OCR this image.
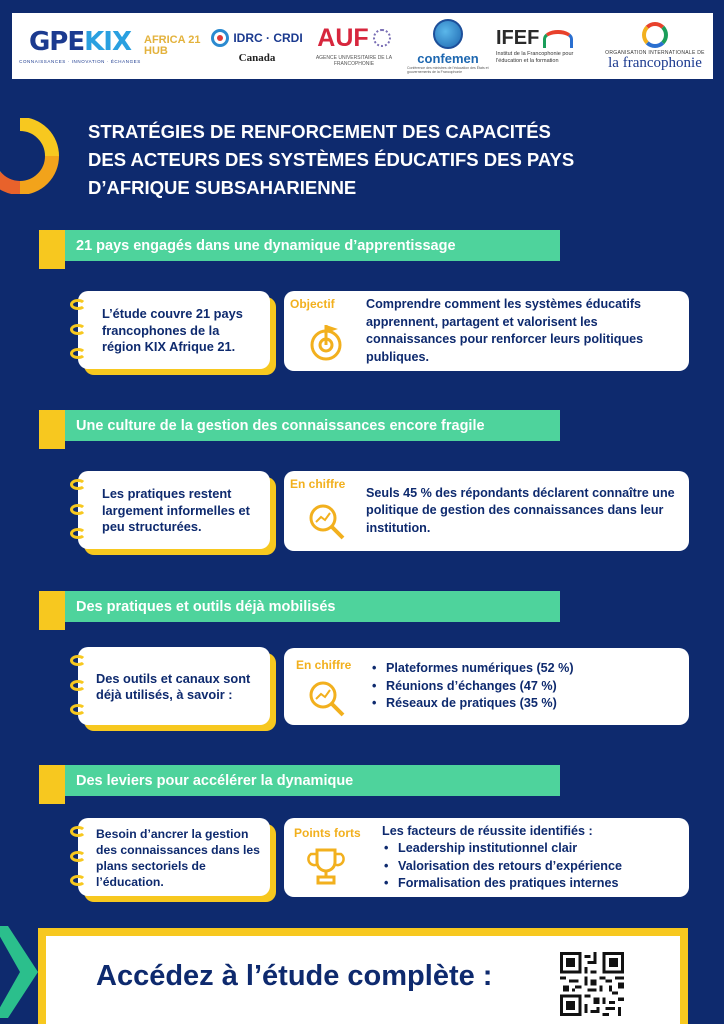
GPEKIX
CONNAISSANCES · INNOVATION · ÉCHANGES
AFRICA 21
HUB
IDRC · CRDI
Canada
AUF
AGENCE UNIVERSITAIRE DE LA FRANCOPHONIE	confemen
Conférence des ministres de l'éducation des États et gouvernements de la Francophonie
IFEF
Institut de la Francophonie pour l'éducation et la formation
ORGANISATION INTERNATIONALE DE
la francophonie
STRATÉGIES DE RENFORCEMENT DES CAPACITÉS
DES ACTEURS DES SYSTÈMES ÉDUCATIFS DES PAYS
D’AFRIQUE SUBSAHARIENNE
21 pays engagés dans une dynamique d’apprentissage
L’étude couvre 21 pays francophones de la région KIX Afrique 21.
Objectif Comprendre comment les systèmes éducatifs apprennent, partagent et valorisent les connaissances pour renforcer leurs politiques publiques.
Une culture de la gestion des connaissances encore fragile
Les pratiques restent largement informelles et peu structurées.
En chiffre
Seuls 45 % des répondants déclarent connaître une politique de gestion des connaissances dans leur institution.
Des pratiques et outils déjà mobilisés
Des outils et canaux sont déjà utilisés, à savoir :
En chiffre
•	Plateformes numériques (52 %)
• Réunions d’échanges (47 %)
• Réseaux de pratiques (35 %)
Des leviers pour accélérer la dynamique
Besoin d’ancrer la gestion des connaissances dans les plans sectoriels de l’éducation.
Points forts Les facteurs de réussite identifiés :
• Leadership institutionnel clair
• Valorisation des retours d’expérience
• Formalisation des pratiques internes
Accédez à l’étude complète :
